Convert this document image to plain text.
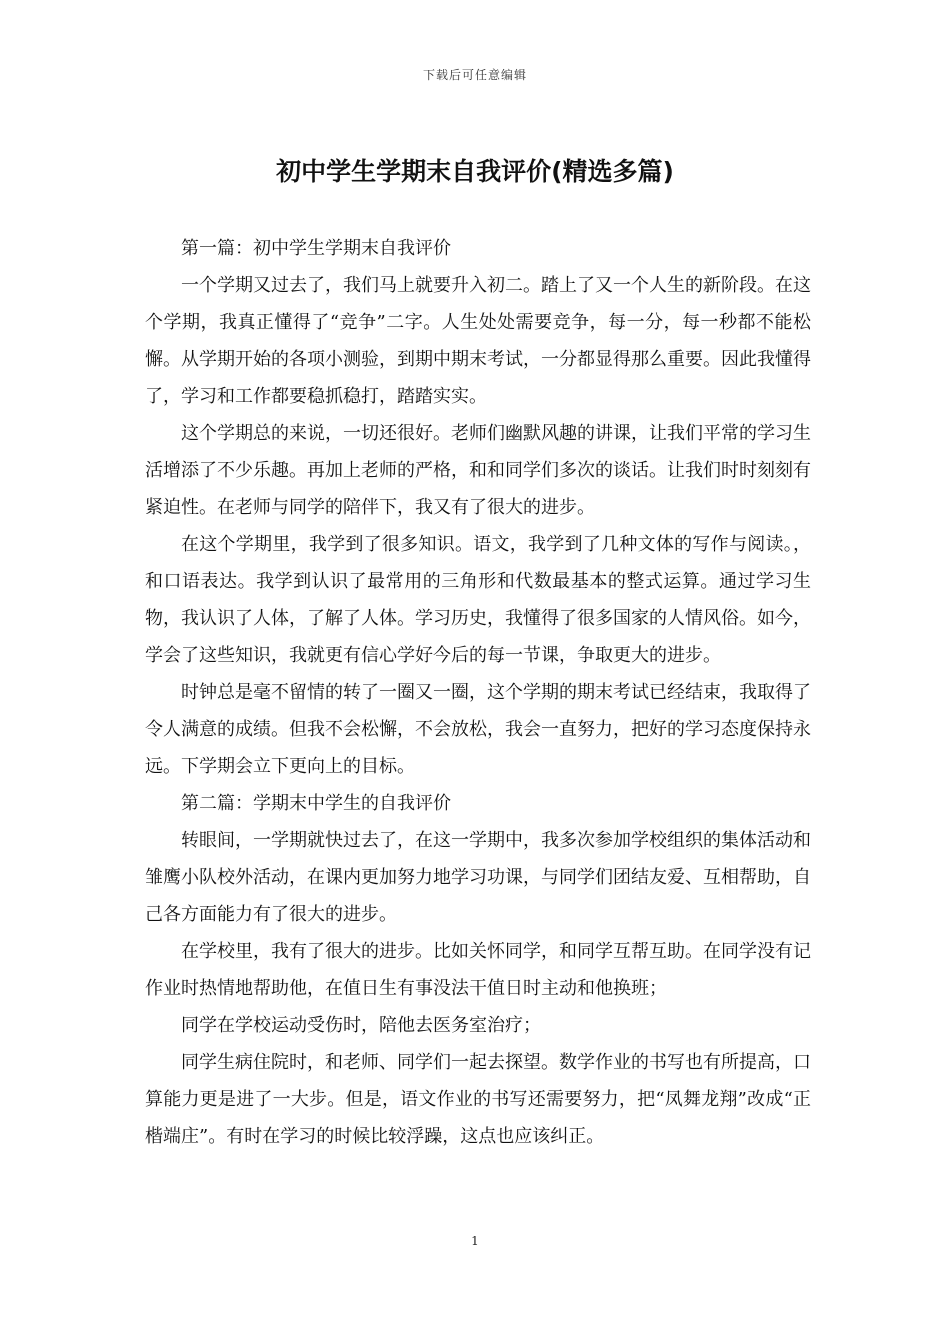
下载后可任意编辑
初中学生学期末自我评价(精选多篇)

第一篇：初中学生学期末自我评价

一个学期又过去了，我们马上就要升入初二。踏上了又一个人生的新阶段。在这个学期，我真正懂得了“竞争”二字。人生处处需要竞争，每一分，每一秒都不能松懈。从学期开始的各项小测验，到期中期末考试，一分都显得那么重要。因此我懂得了，学习和工作都要稳抓稳打，踏踏实实。

这个学期总的来说，一切还很好。老师们幽默风趣的讲课，让我们平常的学习生活增添了不少乐趣。再加上老师的严格，和和同学们多次的谈话。让我们时时刻刻有紧迫性。在老师与同学的陪伴下，我又有了很大的进步。

在这个学期里，我学到了很多知识。语文，我学到了几种文体的写作与阅读。，和口语表达。我学到认识了最常用的三角形和代数最基本的整式运算。通过学习生物，我认识了人体，了解了人体。学习历史，我懂得了很多国家的人情风俗。如今，学会了这些知识，我就更有信心学好今后的每一节课，争取更大的进步。

时钟总是毫不留情的转了一圈又一圈，这个学期的期末考试已经结束，我取得了令人满意的成绩。但我不会松懈，不会放松，我会一直努力，把好的学习态度保持永远。下学期会立下更向上的目标。

第二篇：学期末中学生的自我评价

转眼间，一学期就快过去了，在这一学期中，我多次参加学校组织的集体活动和雏鹰小队校外活动，在课内更加努力地学习功课，与同学们团结友爱、互相帮助，自己各方面能力有了很大的进步。

在学校里，我有了很大的进步。比如关怀同学，和同学互帮互助。在同学没有记作业时热情地帮助他，在值日生有事没法干值日时主动和他换班；

同学在学校运动受伤时，陪他去医务室治疗；

同学生病住院时，和老师、同学们一起去探望。数学作业的书写也有所提高，口算能力更是进了一大步。但是，语文作业的书写还需要努力，把“凤舞龙翔”改成“正楷端庄”。有时在学习的时候比较浮躁，这点也应该纠正。

1
